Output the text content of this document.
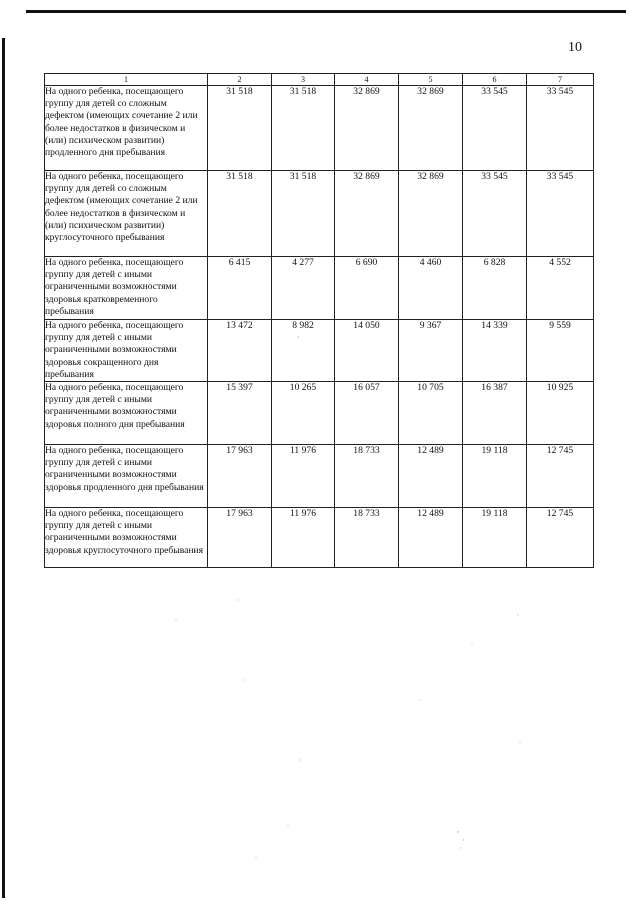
10
1	2	3	4	5	6	7
На одного ребенка, посещающего группу для детей со сложным дефектом (имеющих сочетание 2 или более недостатков в физическом и (или) психическом развитии) продленного дня пребывания	31 518	31 518	32 869	32 869	33 545	33 545
На одного ребенка, посещающего группу для детей со сложным дефектом (имеющих сочетание 2 или более недостатков в физическом и (или) психическом развитии) круглосуточного пребывания	31 518	31 518	32 869	32 869	33 545	33 545
На одного ребенка, посещающего группу для детей с иными ограниченными возможностями здоровья кратковременного пребывания	6 415	4 277	6 690	4 460	6 828	4 552
На одного ребенка, посещающего группу для детей с иными ограниченными возможностями здоровья сокращенного дня пребывания	13 472	8 982	14 050	9 367	14 339	9 559
На одного ребенка, посещающего группу для детей с иными ограниченными возможностями здоровья полного дня пребывания	15 397	10 265	16 057	10 705	16 387	10 925
На одного ребенка, посещающего группу для детей с иными ограниченными возможностями здоровья продленного дня пребывания	17 963	11 976	18 733	12 489	19 118	12 745
На одного ребенка, посещающего группу для детей с иными ограниченными возможностями здоровья круглосуточного пребывания	17 963	11 976	18 733	12 489	19 118	12 745
